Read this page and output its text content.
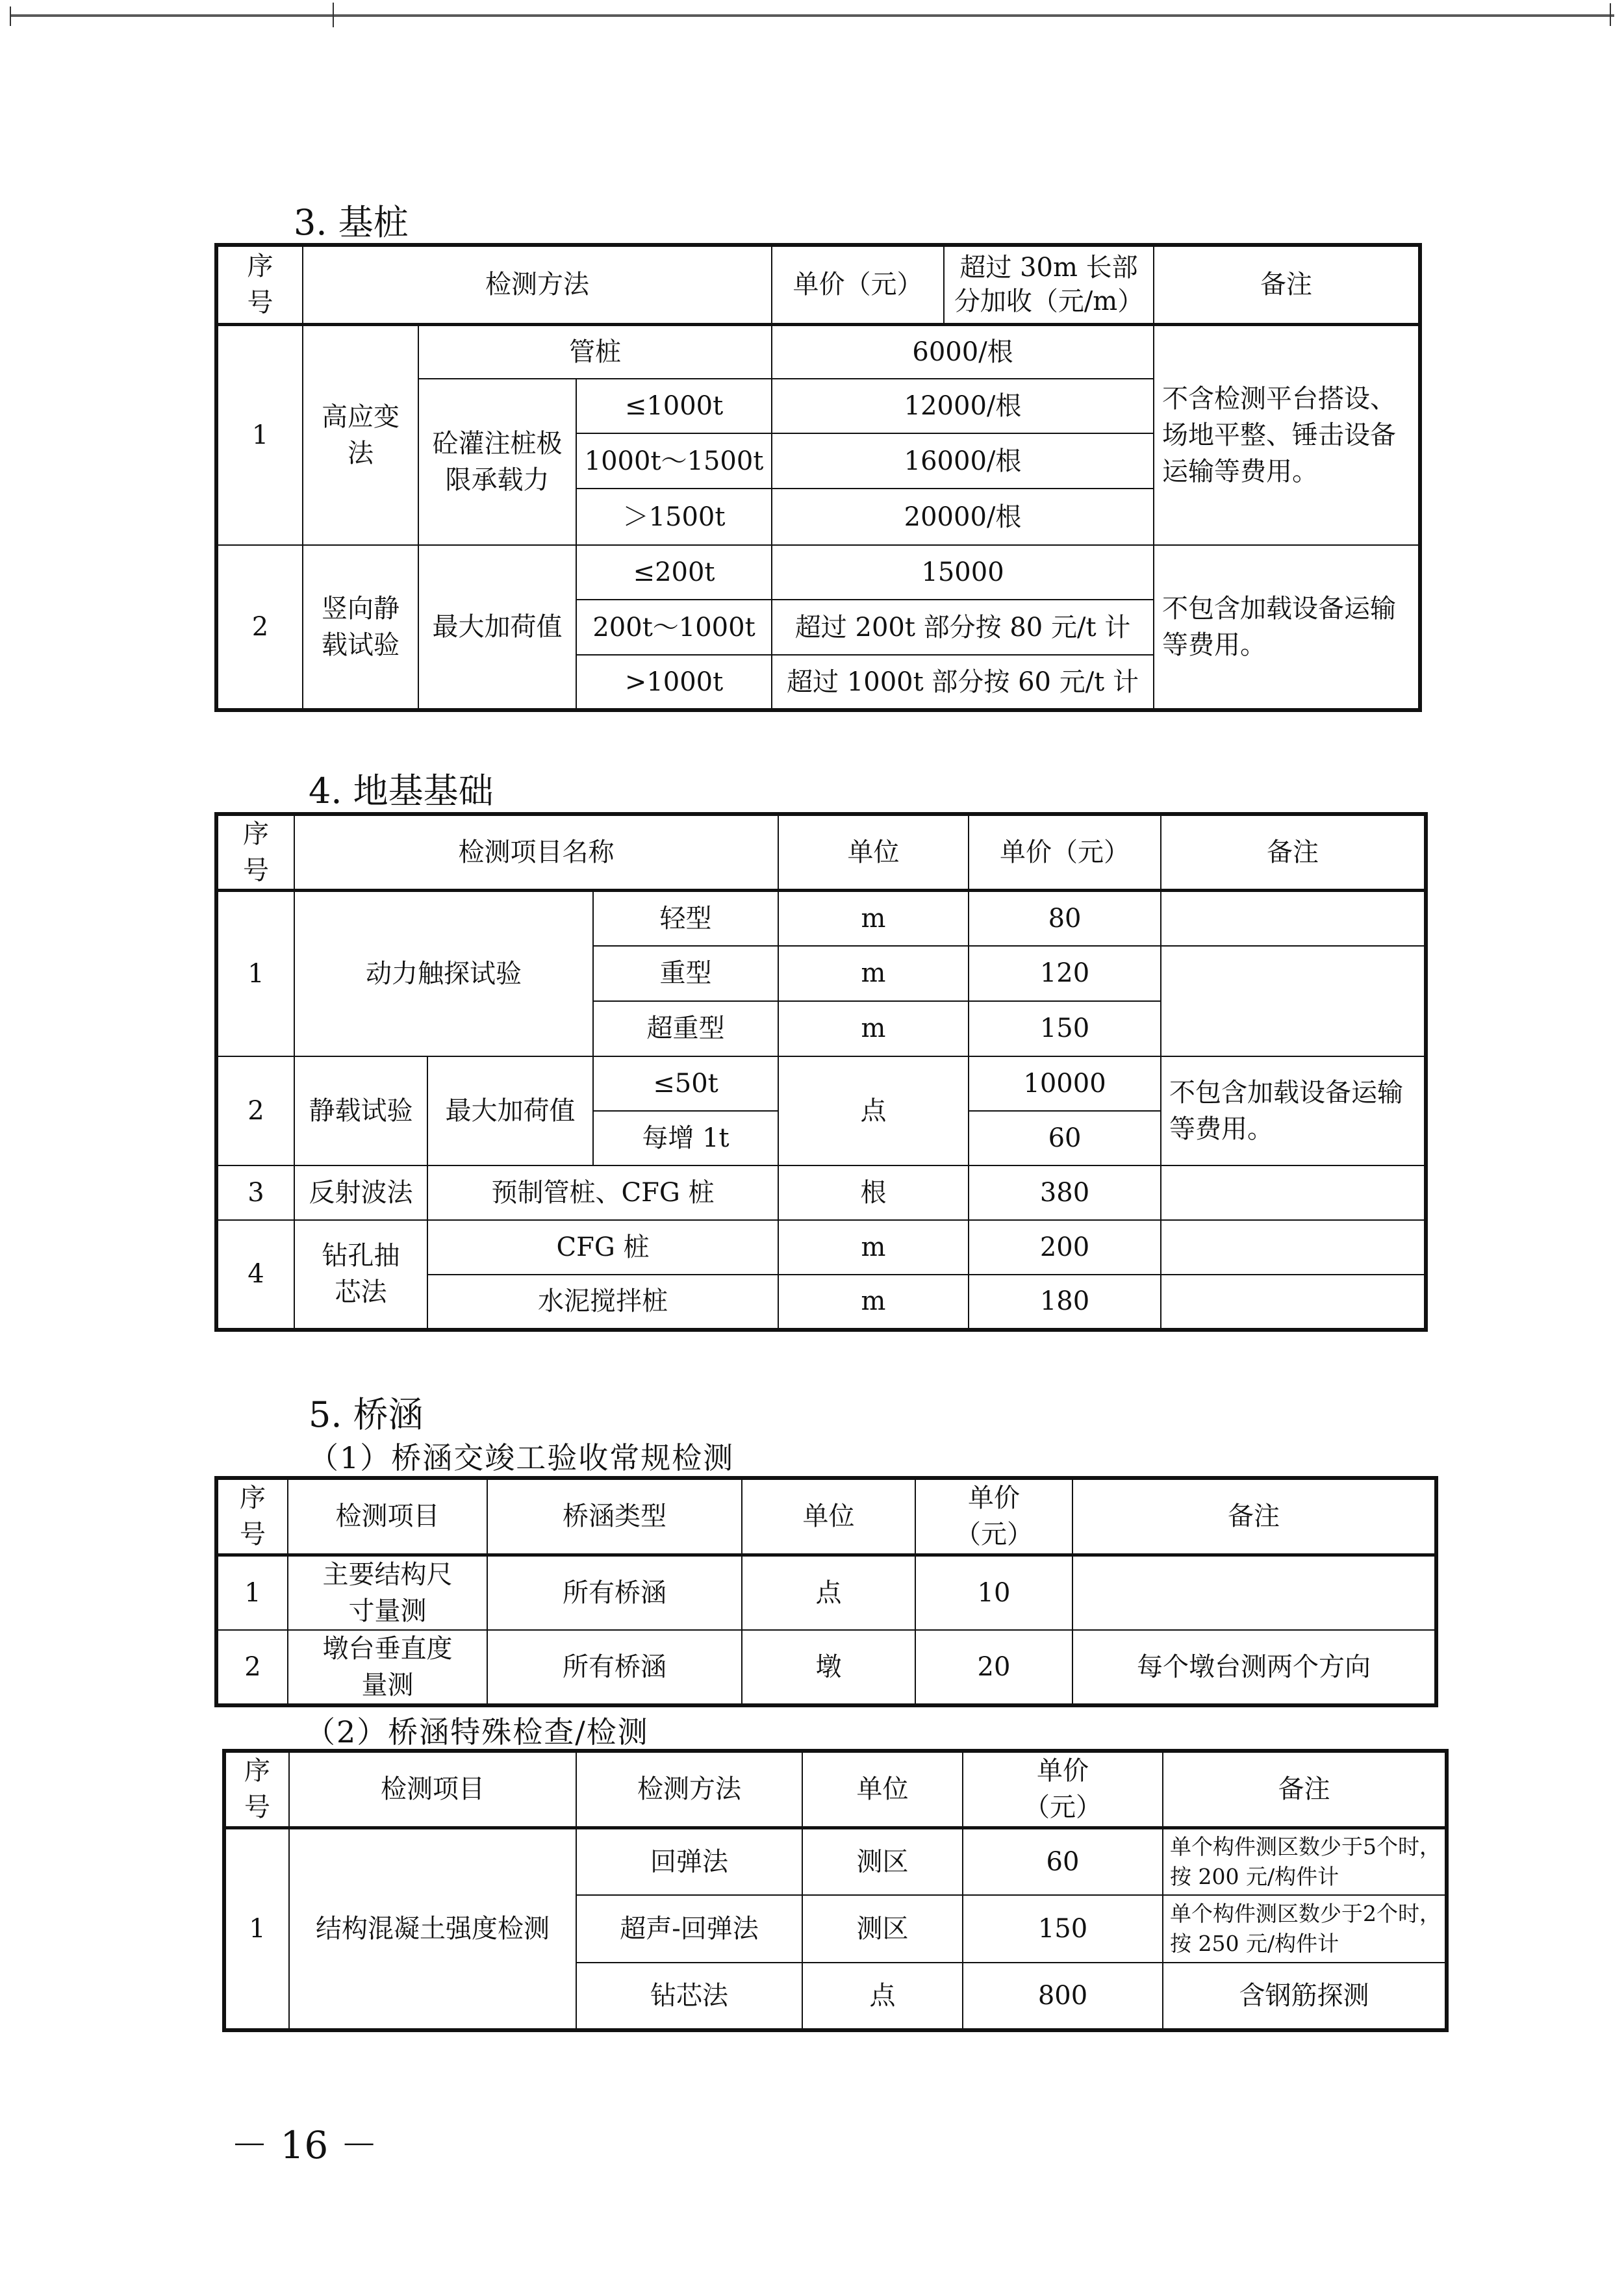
3. 基桩
序号	检测方法			单价（元）	超过 30m 长部分加收（元/m）	备注
1	高应变法	管桩		6000/根		不含检测平台搭设、场地平整、锤击设备运输等费用。
		砼灌注桩极限承载力	≤1000t	12000/根		
			1000t～1500t	16000/根		
			＞1500t	20000/根		
2	竖向静载试验	最大加荷值	≤200t	15000		不包含加载设备运输等费用。
			200t～1000t	超过 200t 部分按 80 元/t 计		
			>1000t	超过 1000t 部分按 60 元/t 计		
4. 地基基础
序号	检测项目名称			单位	单价（元）	备注
1	动力触探试验		轻型	m	80	
			重型	m	120	
			超重型	m	150	
2	静载试验	最大加荷值	≤50t	点	10000	不包含加载设备运输等费用。
			每增 1t		60	
3	反射波法	预制管桩、CFG 桩		根	380	
4	钻孔抽芯法	CFG 桩		m	200	
		水泥搅拌桩		m	180	
5. 桥涵
（1）桥涵交竣工验收常规检测
序号	检测项目	桥涵类型	单位	单价（元）	备注
1	主要结构尺寸量测	所有桥涵	点	10	
2	墩台垂直度量测	所有桥涵	墩	20	每个墩台测两个方向
（2）桥涵特殊检查/检测
序号	检测项目	检测方法	单位	单价（元）	备注
1	结构混凝土强度检测	回弹法	测区	60	单个构件测区数少于5个时，按 200 元/构件计
		超声-回弹法	测区	150	单个构件测区数少于2个时，按 250 元/构件计
		钻芯法	点	800	含钢筋探测
－ 16 －
